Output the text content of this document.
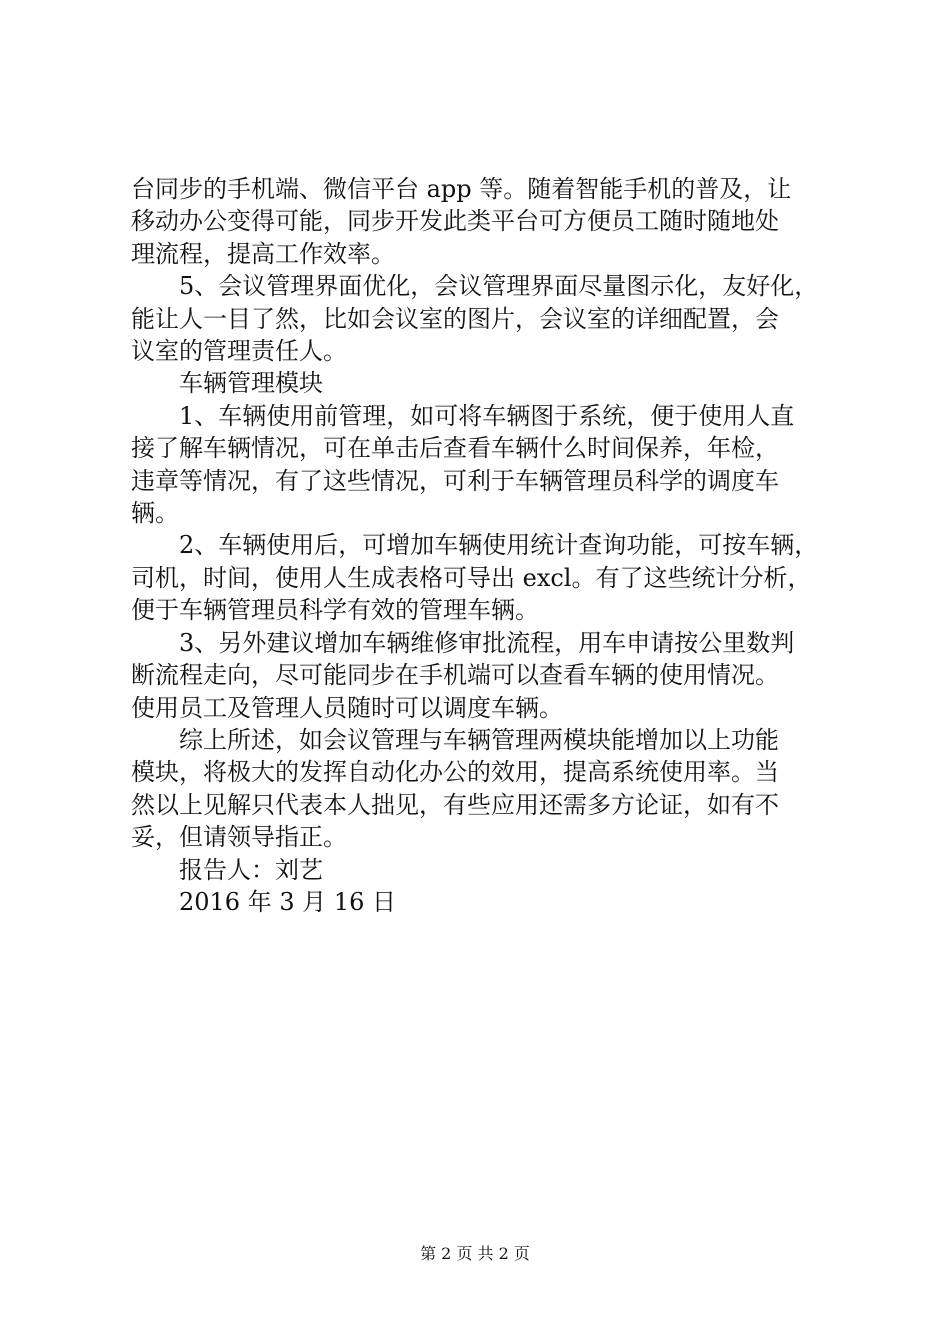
台同步的手机端、微信平台 app 等。随着智能手机的普及，让
移动办公变得可能，同步开发此类平台可方便员工随时随地处
理流程，提高工作效率。

5、会议管理界面优化，会议管理界面尽量图示化，友好化，
能让人一目了然，比如会议室的图片，会议室的详细配置，会
议室的管理责任人。

车辆管理模块

1、车辆使用前管理，如可将车辆图于系统，便于使用人直
接了解车辆情况，可在单击后查看车辆什么时间保养，年检，
违章等情况，有了这些情况，可利于车辆管理员科学的调度车
辆。

2、车辆使用后，可增加车辆使用统计查询功能，可按车辆，
司机，时间，使用人生成表格可导出 excl。有了这些统计分析，
便于车辆管理员科学有效的管理车辆。

3、另外建议增加车辆维修审批流程，用车申请按公里数判
断流程走向，尽可能同步在手机端可以查看车辆的使用情况。
使用员工及管理人员随时可以调度车辆。

综上所述，如会议管理与车辆管理两模块能增加以上功能
模块，将极大的发挥自动化办公的效用，提高系统使用率。当
然以上见解只代表本人拙见，有些应用还需多方论证，如有不
妥，但请领导指正。

报告人：刘艺

2016 年 3 月 16 日

第 2 页 共 2 页
